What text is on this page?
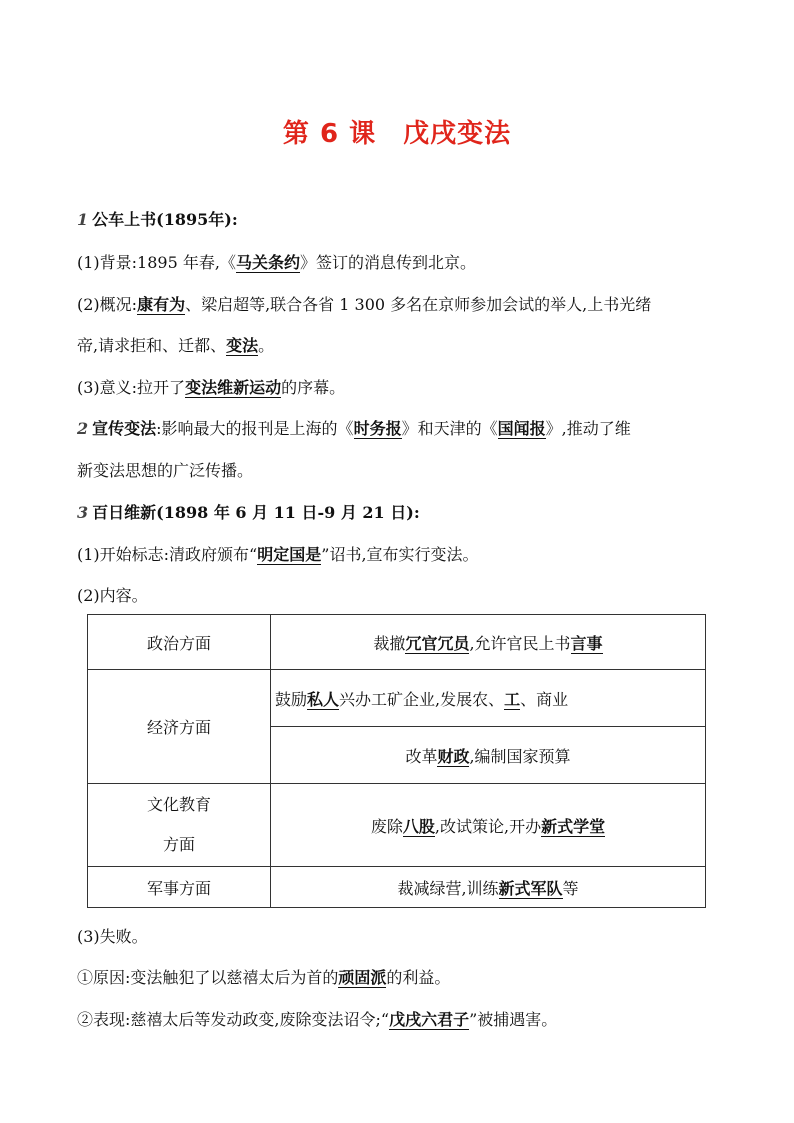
第 6 课　戊戌变法
1 公车上书(1895年):
(1)背景:1895 年春,《马关条约》签订的消息传到北京。
(2)概况:康有为、梁启超等,联合各省 1 300 多名在京师参加会试的举人,上书光绪
帝,请求拒和、迁都、变法。
(3)意义:拉开了变法维新运动的序幕。
2 宣传变法:影响最大的报刊是上海的《时务报》和天津的《国闻报》,推动了维
新变法思想的广泛传播。
3 百日维新(1898 年 6 月 11 日-9 月 21 日):
(1)开始标志:清政府颁布“明定国是”诏书,宣布实行变法。
(2)内容。
政治方面	裁撤冗官冗员,允许官民上书言事
经济方面	鼓励私人兴办工矿企业,发展农、工、商业
	改革财政,编制国家预算

文化教育
方面	废除八股,改试策论,开办新式学堂
军事方面	裁减绿营,训练新式军队等
(3)失败。
①原因:变法触犯了以慈禧太后为首的顽固派的利益。
②表现:慈禧太后等发动政变,废除变法诏令;“戊戌六君子”被捕遇害。
